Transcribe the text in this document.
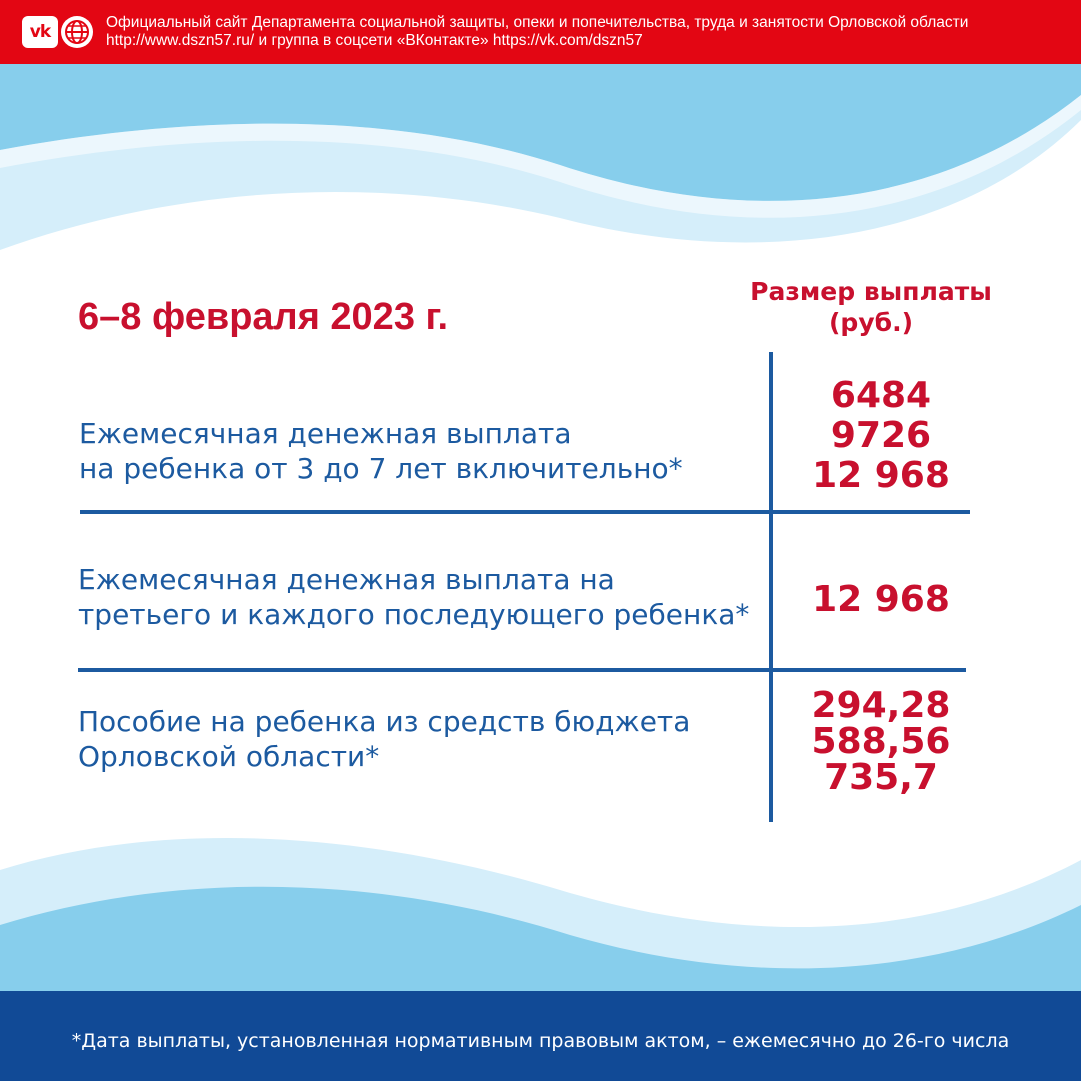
vk	Официальный сайт Департамента социальной защиты, опеки и попечительства, труда и занятости Орловской области
http://www.dszn57.ru/ и группа в соцсети «ВКонтакте» https://vk.com/dszn57
6–8 февраля 2023 г.
Размер выплаты
(руб.)
Ежемесячная денежная выплата
на ребенка от 3 до 7 лет включительно*
6484
9726
12 968
Ежемесячная денежная выплата на
третьего и каждого последующего ребенка*	12 968
Пособие на ребенка из средств бюджета
Орловской области*
294,28
588,56
735,7
*Дата выплаты, установленная нормативным правовым актом, – ежемесячно до 26-го числа
